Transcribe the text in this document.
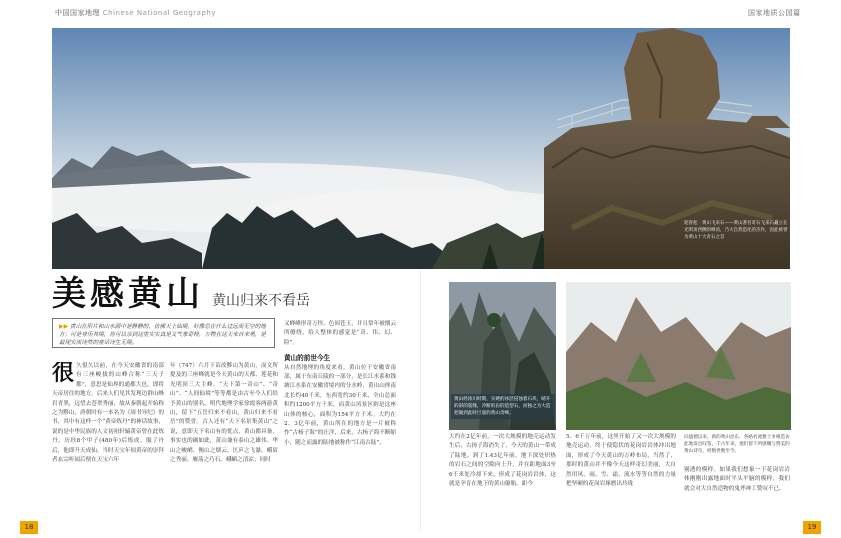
中国国家地理 Chinese National Geography	国家地质公园篇
迎客松　黄山飞来石——黄山著名奇石飞来石矗立在光明顶西侧的峰顶，乃大自然造化的杰作，因此被誉为黄山十大奇石之首
美感黄山 黄山归来不看岳
▶▶ 黄山在形片和山水画中是静静的，仿佛天上仙境，好像总在什么过远而无空的地方；可是身历其境，你可以亲到这里实实真是又气象奇特，万物在这天来自来勇，是最现实而诗然的童话诗生无境。
很久很久以前，在今天安徽省的南部有三座峻拔的山峰合称“三天子都”，意思是仙界的通都大邑，即将天帝居住的地方。后来人们见其发现边群山峰岩青黑，远望去苍翠秀丽，故从秦朝起开始称之为黟山，唐朝时有一本名为《周书导纪》的书，其中有这样一个“黄帝炼丹”的神话故事，说的是中华民族的人文初祖轩辕黄帝曾在此炼丹，历经8个甲子(480年)后炼成，服了丹后，他即升天成仙。当时天宝年间黄帝的崇拜者玄宗听闻后便在天宝六年
年（747）六月下诏改黟山为黄山，而文所提及的三座峰就是今天黄山的天都、莲花和光明顶三大主峰。“天下第一奇山”、“奇山”、“人间仙境”等等都是由古至今人们给予黄山的别名，明代地理学家徐霞客两游黄山，留下“五岳归来不看山，黄山归来不看岳”的赞誉。古人还有“天下名景集黄山”之说，意即天下名山有的优点，黄山都具备。事实也的确如此，黄山兼有泰山之雄伟、华山之峻峭、衡山之烟云、匡庐之飞瀑、峨眉之秀丽、雁荡之巧石。峨嵋之清凉；同时
又峰峰形奇万怪、色间苍玉，并且常年被烟云所缭绕，给人整体的感觉是“奇、伟、幻、险”。
黄山的前世今生
从自然地理的角度来看，黄山位于安徽省南部，属于东南丘陵的一部分，是长江水系和钱塘江水系在安徽省境内的分水岭，黄山山体南北长约40千米，东西宽约30千米，全山总面积约1200平方千米，而黄山风景区则是这座山体的核心，面积为154平方千米。大约在2、3亿年前，黄山所在的地方是一片被称作“古杨子海”的汪洋，后来，古杨子海不断缩小，随之而露的陆地被称作“江南古陆”。
黄山经冰川时期，实硬的冰层侵蚀着石块，晴开的彩的裂缝，冷断的岩的造型石，而独之为大造把做到此时巨量的黄山奇峰。
大约在2亿年前，一次大规模的地壳运动发生后，古扬子海消失了，今天的黄山一带成了陆地。到了1.43亿年前，地下深处炽热的岩石之间的空隙向上升，并在距地面3至6千米处冷却下来，形成了花岗岩岩体，这就是孕育在地下的黄山躯胎。距今
5、6千万年前，这里开始了又一次大规模的地壳运动，终于使隐伏的花岗岩岩体冲出地面，形成了今天黄山的万岭布局，当然了，那时的黄山并不像今天这样奇幻美丽，大自然用风、雨、雪、霜、流水等等自然的力量把坚硬的花岗岩琢磨出玲珑
向盛德以来，新的黄山昆东，各路名流雅士争相造访此地发出叹鉴，千古年来，他们留下所感慨与赞美的黄山诗句，经数世数至今。
剔透的模样。如果我们想象一下花岗岩岩体刚刚出露地面时平头平脑的模样，我们就会对大自然造物的鬼斧神工赞叹不已。
18	19
